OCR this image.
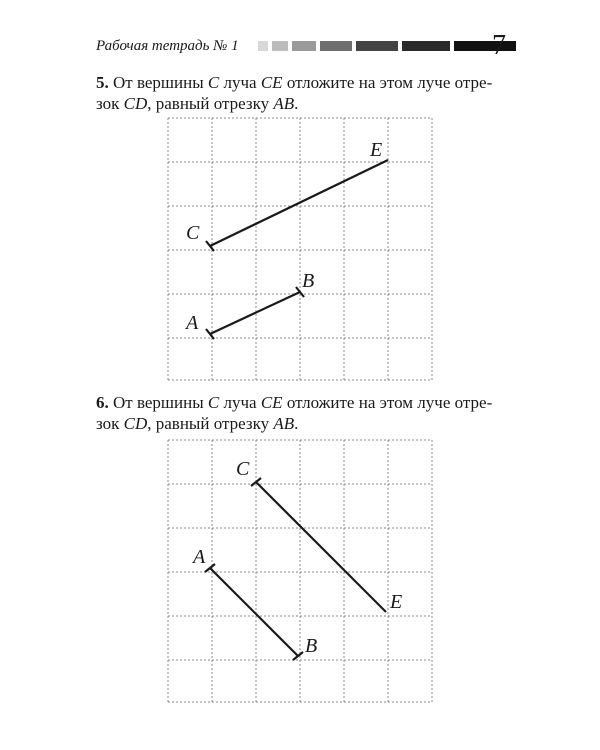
Рабочая тетрадь № 1	7
5. От вершины C луча CE отложите на этом луче отре-
зок CD, равный отрезку AB.
6. От вершины C луча CE отложите на этом луче отре-
зок CD, равный отрезку AB.
C
E
A
B
C
E
A
B
